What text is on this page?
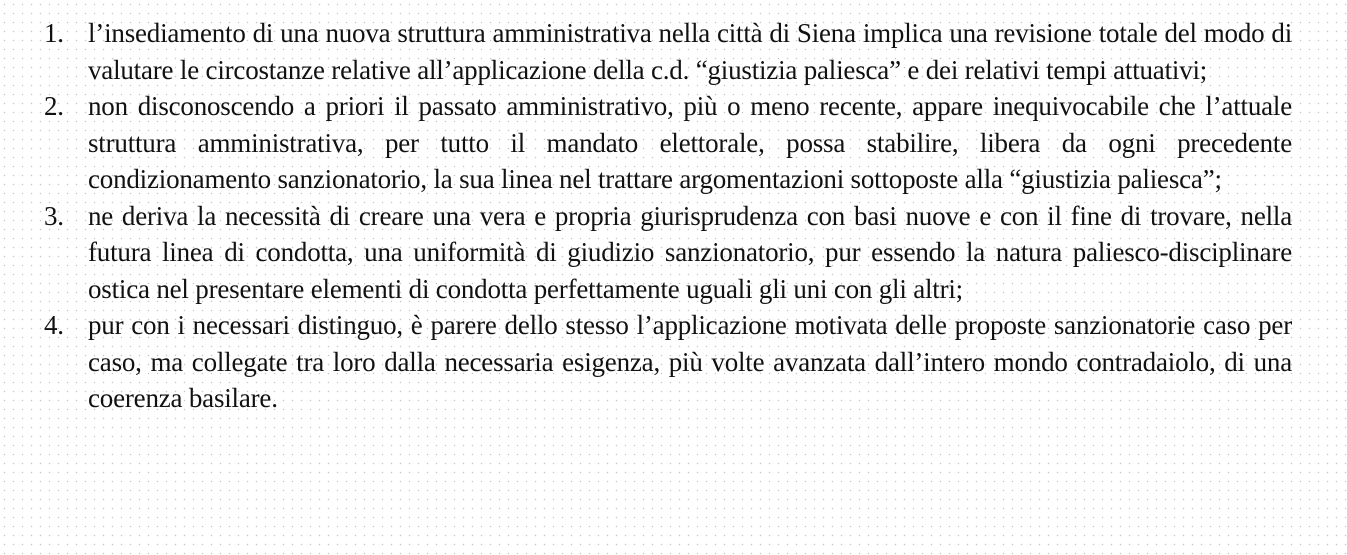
1. l’insediamento di una nuova struttura amministrativa nella città di Siena implica una revisione totale del modo di valutare le circostanze relative all’applicazione della c.d. “giustizia paliesca” e dei relativi tempi attuativi;
2. non disconoscendo a priori il passato amministrativo, più o meno recente, appare inequivocabile che l’attuale struttura amministrativa, per tutto il mandato elettorale, possa stabilire, libera da ogni precedente condizionamento sanzionatorio, la sua linea nel trattare argomentazioni sottoposte alla “giustizia paliesca”;
3. ne deriva la necessità di creare una vera e propria giurisprudenza con basi nuove e con il fine di trovare, nella futura linea di condotta, una uniformità di giudizio sanzionatorio, pur essendo la natura paliesco-disciplinare ostica nel presentare elementi di condotta perfettamente uguali gli uni con gli altri;
4. pur con i necessari distinguo, è parere dello stesso l’applicazione motivata delle proposte sanzionatorie caso per caso, ma collegate tra loro dalla necessaria esigenza, più volte avanzata dall’intero mondo contradaiolo, di una coerenza basilare.
